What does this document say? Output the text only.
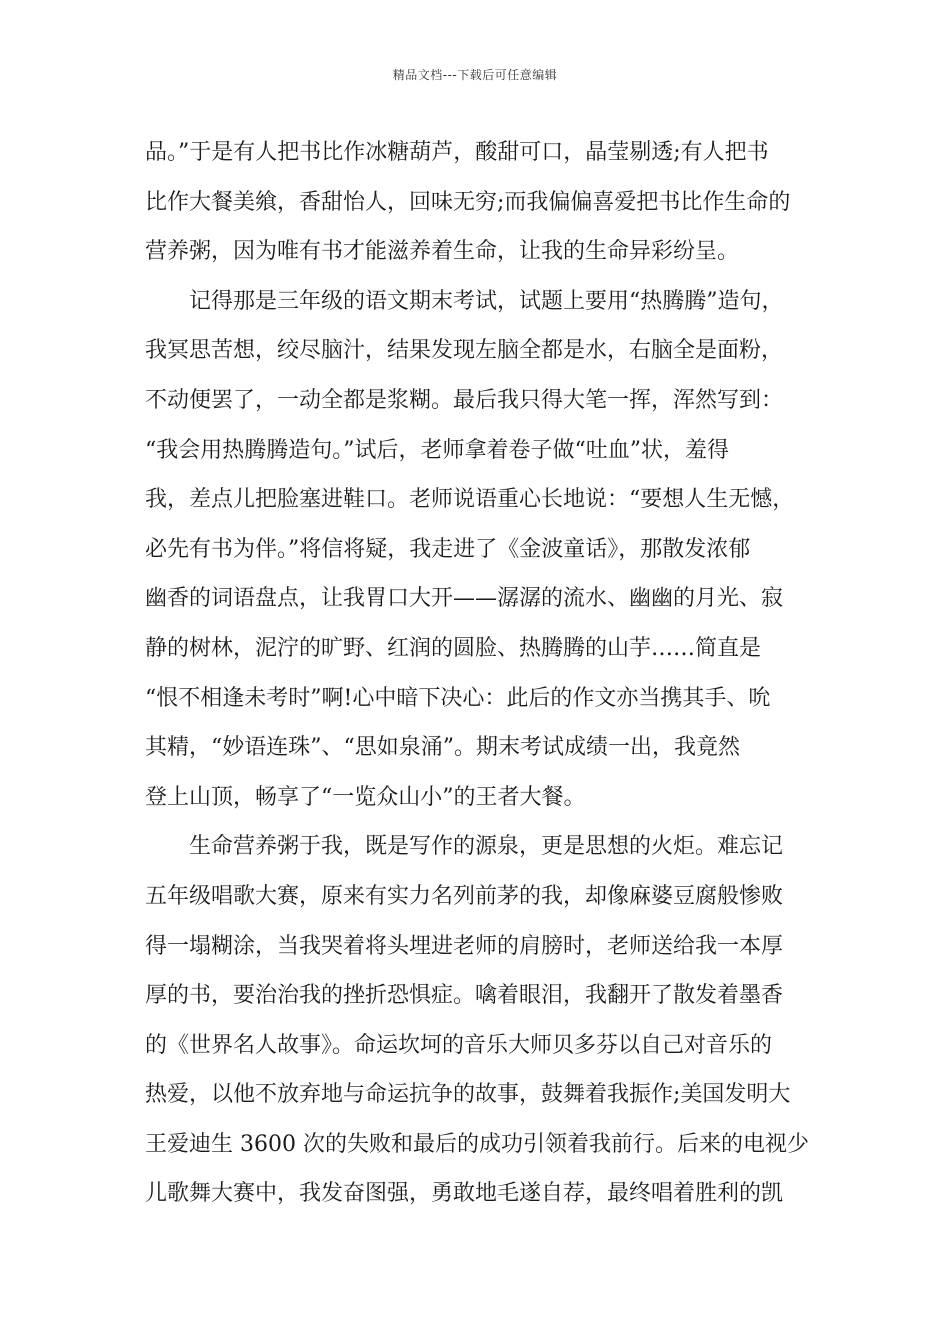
精品文档---下载后可任意编辑
品。”于是有人把书比作冰糖葫芦，酸甜可口，晶莹剔透;有人把书
比作大餐美飨，香甜怡人，回味无穷;而我偏偏喜爱把书比作生命的
营养粥，因为唯有书才能滋养着生命，让我的生命异彩纷呈。
记得那是三年级的语文期末考试，试题上要用“热腾腾”造句，
我冥思苦想，绞尽脑汁，结果发现左脑全都是水，右脑全是面粉，
不动便罢了，一动全都是浆糊。最后我只得大笔一挥，浑然写到：
“我会用热腾腾造句。”试后，老师拿着卷子做“吐血”状，羞得
我，差点儿把脸塞进鞋口。老师说语重心长地说：“要想人生无憾，
必先有书为伴。”将信将疑，我走进了《金波童话》，那散发浓郁
幽香的词语盘点，让我胃口大开——潺潺的流水、幽幽的月光、寂
静的树林，泥泞的旷野、红润的圆脸、热腾腾的山芋……简直是
“恨不相逢未考时”啊!心中暗下决心：此后的作文亦当携其手、吮
其精，“妙语连珠”、“思如泉涌”。期末考试成绩一出，我竟然
登上山顶，畅享了“一览众山小”的王者大餐。
生命营养粥于我，既是写作的源泉，更是思想的火炬。难忘记
五年级唱歌大赛，原来有实力名列前茅的我，却像麻婆豆腐般惨败
得一塌糊涂，当我哭着将头埋进老师的肩膀时，老师送给我一本厚
厚的书，要治治我的挫折恐惧症。噙着眼泪，我翻开了散发着墨香
的《世界名人故事》。命运坎坷的音乐大师贝多芬以自己对音乐的
热爱，以他不放弃地与命运抗争的故事，鼓舞着我振作;美国发明大
王爱迪生 3600 次的失败和最后的成功引领着我前行。后来的电视少
儿歌舞大赛中，我发奋图强，勇敢地毛遂自荐，最终唱着胜利的凯
